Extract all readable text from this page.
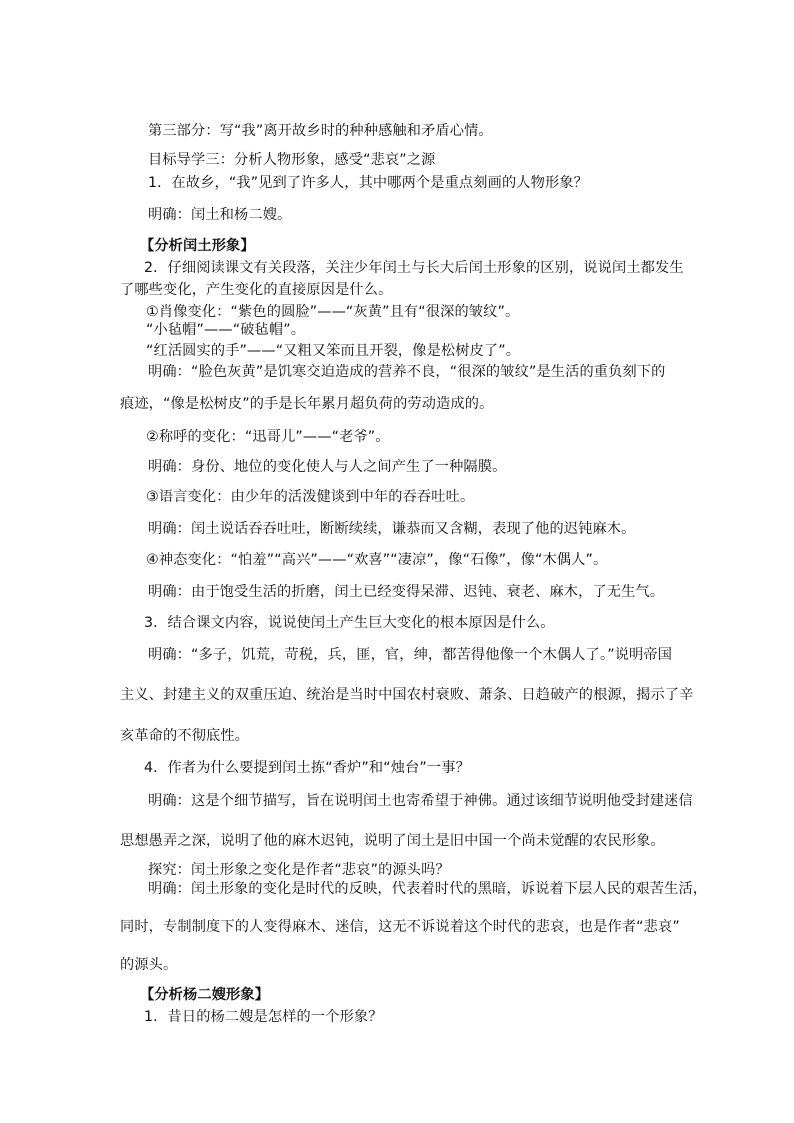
第三部分：写“我”离开故乡时的种种感触和矛盾心情。

目标导学三：分析人物形象，感受“悲哀”之源

1．在故乡，“我”见到了许多人，其中哪两个是重点刻画的人物形象？

明确：闰土和杨二嫂。

【分析闰土形象】

2．仔细阅读课文有关段落，关注少年闰土与长大后闰土形象的区别，说说闰土都发生

了哪些变化，产生变化的直接原因是什么。

①肖像变化：“紫色的圆脸”——“灰黄”且有“很深的皱纹”。

“小毡帽”——“破毡帽”。

“红活圆实的手”——“又粗又笨而且开裂，像是松树皮了”。

明确：“脸色灰黄”是饥寒交迫造成的营养不良，“很深的皱纹”是生活的重负刻下的

痕迹，“像是松树皮”的手是长年累月超负荷的劳动造成的。

②称呼的变化：“迅哥儿”——“老爷”。

明确：身份、地位的变化使人与人之间产生了一种隔膜。

③语言变化：由少年的活泼健谈到中年的吞吞吐吐。

明确：闰土说话吞吞吐吐，断断续续，谦恭而又含糊，表现了他的迟钝麻木。

④神态变化：“怕羞”“高兴”——“欢喜”“凄凉”，像“石像”，像“木偶人”。

明确：由于饱受生活的折磨，闰土已经变得呆滞、迟钝、衰老、麻木，了无生气。

3．结合课文内容，说说使闰土产生巨大变化的根本原因是什么。

明确：“多子，饥荒，苛税，兵，匪，官，绅，都苦得他像一个木偶人了。”说明帝国

主义、封建主义的双重压迫、统治是当时中国农村衰败、萧条、日趋破产的根源，揭示了辛

亥革命的不彻底性。

4．作者为什么要提到闰土拣“香炉”和“烛台”一事？

明确：这是个细节描写，旨在说明闰土也寄希望于神佛。通过该细节说明他受封建迷信

思想愚弄之深，说明了他的麻木迟钝，说明了闰土是旧中国一个尚未觉醒的农民形象。

探究：闰土形象之变化是作者“悲哀”的源头吗？

明确：闰土形象的变化是时代的反映，代表着时代的黑暗，诉说着下层人民的艰苦生活，

同时，专制制度下的人变得麻木、迷信，这无不诉说着这个时代的悲哀，也是作者“悲哀”

的源头。

【分析杨二嫂形象】

1．昔日的杨二嫂是怎样的一个形象？
